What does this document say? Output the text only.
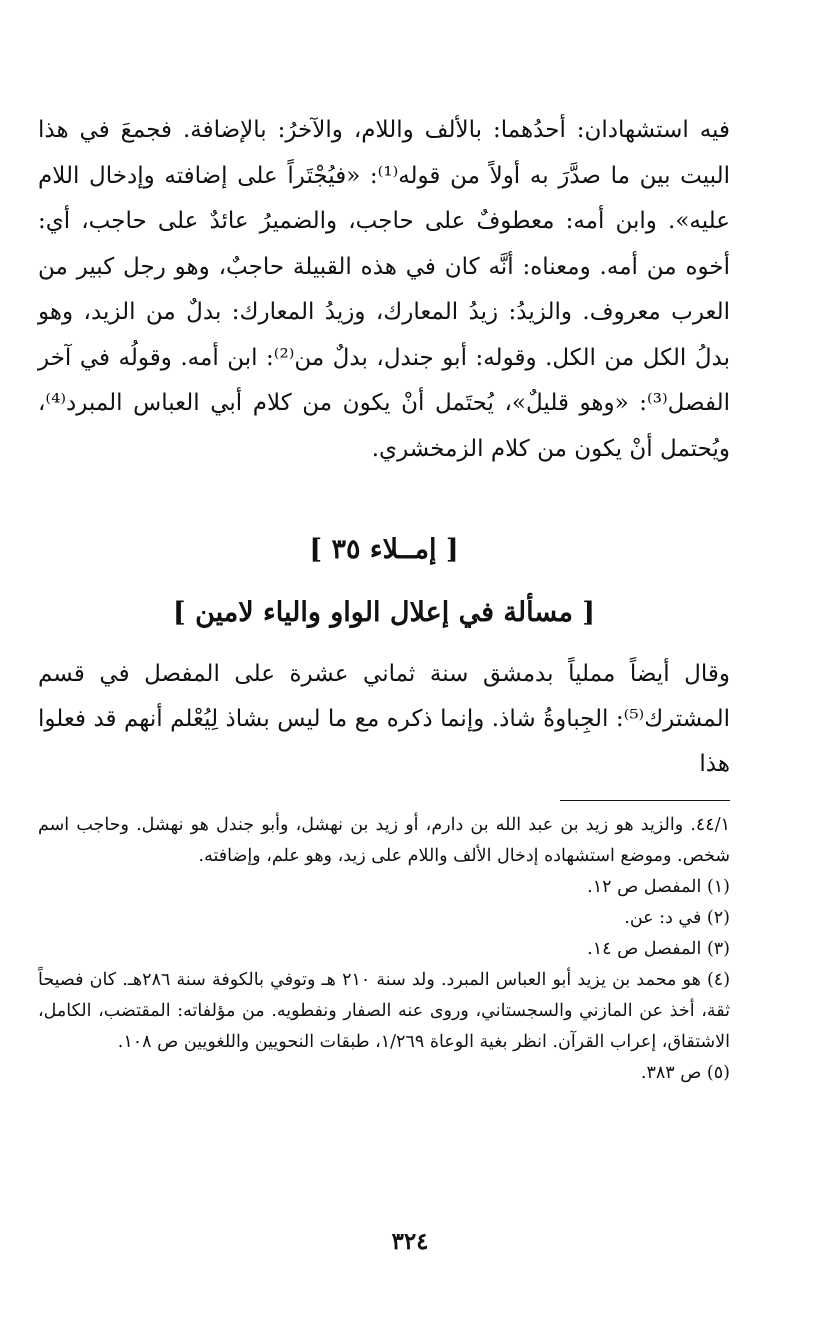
فيه استشهادان: أحدُهما: بالألف واللام، والآخرُ: بالإضافة. فجمعَ في هذا البيت بين ما صدَّرَ به أولاً من قوله⁽¹⁾: «فيُجْتَراً على إضافته وإدخال اللام عليه». وابن أمه: معطوفٌ على حاجب، والضميرُ عائدٌ على حاجب، أي: أخوه من أمه. ومعناه: أنَّه كان في هذه القبيلة حاجبٌ، وهو رجل كبير من العرب معروف. والزيدُ: زيدُ المعارك، وزيدُ المعارك: بدلٌ من الزيد، وهو بدلُ الكل من الكل. وقوله: أبو جندل، بدلٌ من⁽²⁾: ابن أمه. وقولُه في آخر الفصل⁽³⁾: «وهو قليلٌ»، يُحتَمل أنْ يكون من كلام أبي العباس المبرد⁽⁴⁾، ويُحتمل أنْ يكون من كلام الزمخشري.

[ إمــلاء ٣٥ ]
[ مسألة في إعلال الواو والياء لامين ]

وقال أيضاً مملياً بدمشق سنة ثماني عشرة على المفصل في قسم المشترك⁽⁵⁾: الجِباوةُ شاذ. وإنما ذكره مع ما ليس بشاذ لِيُعْلم أنهم قد فعلوا هذا

٤٤/١. والزيد هو زيد بن عبد الله بن دارم، أو زيد بن نهشل، وأبو جندل هو نهشل. وحاجب اسم شخص. وموضع استشهاده إدخال الألف واللام على زيد، وهو علم، وإضافته.

(١) المفصل ص ١٢.

(٢) في د: عن.

(٣) المفصل ص ١٤.

(٤) هو محمد بن يزيد أبو العباس المبرد. ولد سنة ٢١٠ هـ وتوفي بالكوفة سنة ٢٨٦هـ. كان فصيحاً ثقة، أخذ عن المازني والسجستاني، وروى عنه الصفار ونفطويه. من مؤلفاته: المقتضب، الكامل، الاشتقاق، إعراب القرآن. انظر بغية الوعاة ١/٢٦٩، طبقات النحويين واللغويين ص ١٠٨.

(٥) ص ٣٨٣.

٣٢٤
